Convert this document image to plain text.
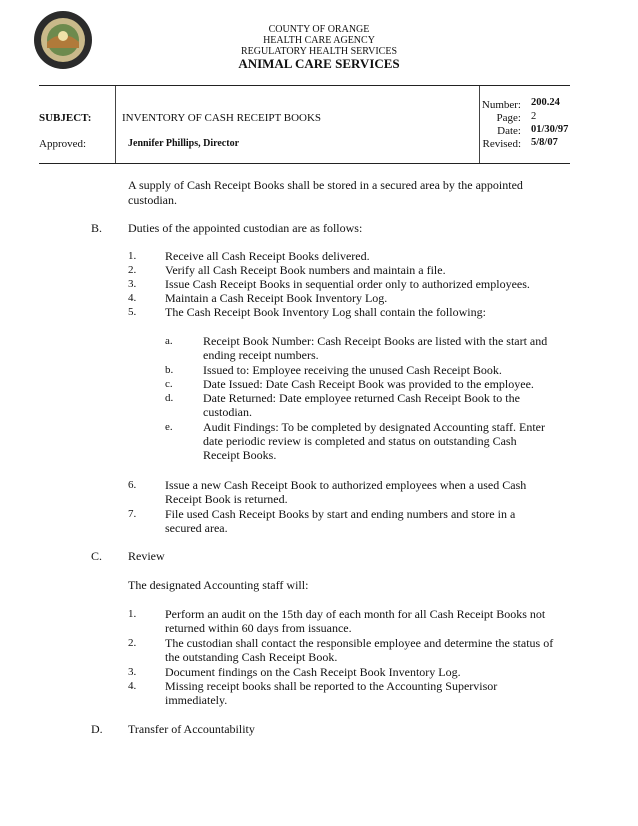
COUNTY OF ORANGE
HEALTH CARE AGENCY
REGULATORY HEALTH SERVICES
ANIMAL CARE SERVICES
SUBJECT:	INVENTORY OF CASH RECEIPT BOOKS
Approved:	Jennifer Phillips, Director
Number: 200.24
Page: 2
Date: 01/30/97
Revised: 5/8/07
A supply of Cash Receipt Books shall be stored in a secured area by the appointed
custodian.
B. Duties of the appointed custodian are as follows:
1. Receive all Cash Receipt Books delivered.
2. Verify all Cash Receipt Book numbers and maintain a file.
3. Issue Cash Receipt Books in sequential order only to authorized employees.
4. Maintain a Cash Receipt Book Inventory Log.
5. The Cash Receipt Book Inventory Log shall contain the following:
a.	Receipt Book Number: Cash Receipt Books are listed with the start and
ending receipt numbers.
b. Issued to: Employee receiving the unused Cash Receipt Book.
c.	Date Issued: Date Cash Receipt Book was provided to the employee.
d. Date Returned: Date employee returned Cash Receipt Book to the
custodian.
e.	Audit Findings: To be completed by designated Accounting staff. Enter
date periodic review is completed and status on outstanding Cash
Receipt Books.
6. Issue a new Cash Receipt Book to authorized employees when a used Cash
Receipt Book is returned.
7. File used Cash Receipt Books by start and ending numbers and store in a
secured area.
C. Review
The designated Accounting staff will:
1. Perform an audit on the 15th day of each month for all Cash Receipt Books not
returned within 60 days from issuance.
2. The custodian shall contact the responsible employee and determine the status of
the outstanding Cash Receipt Book.
3. Document findings on the Cash Receipt Book Inventory Log.
4. Missing receipt books shall be reported to the Accounting Supervisor
immediately.
D. Transfer of Accountability
